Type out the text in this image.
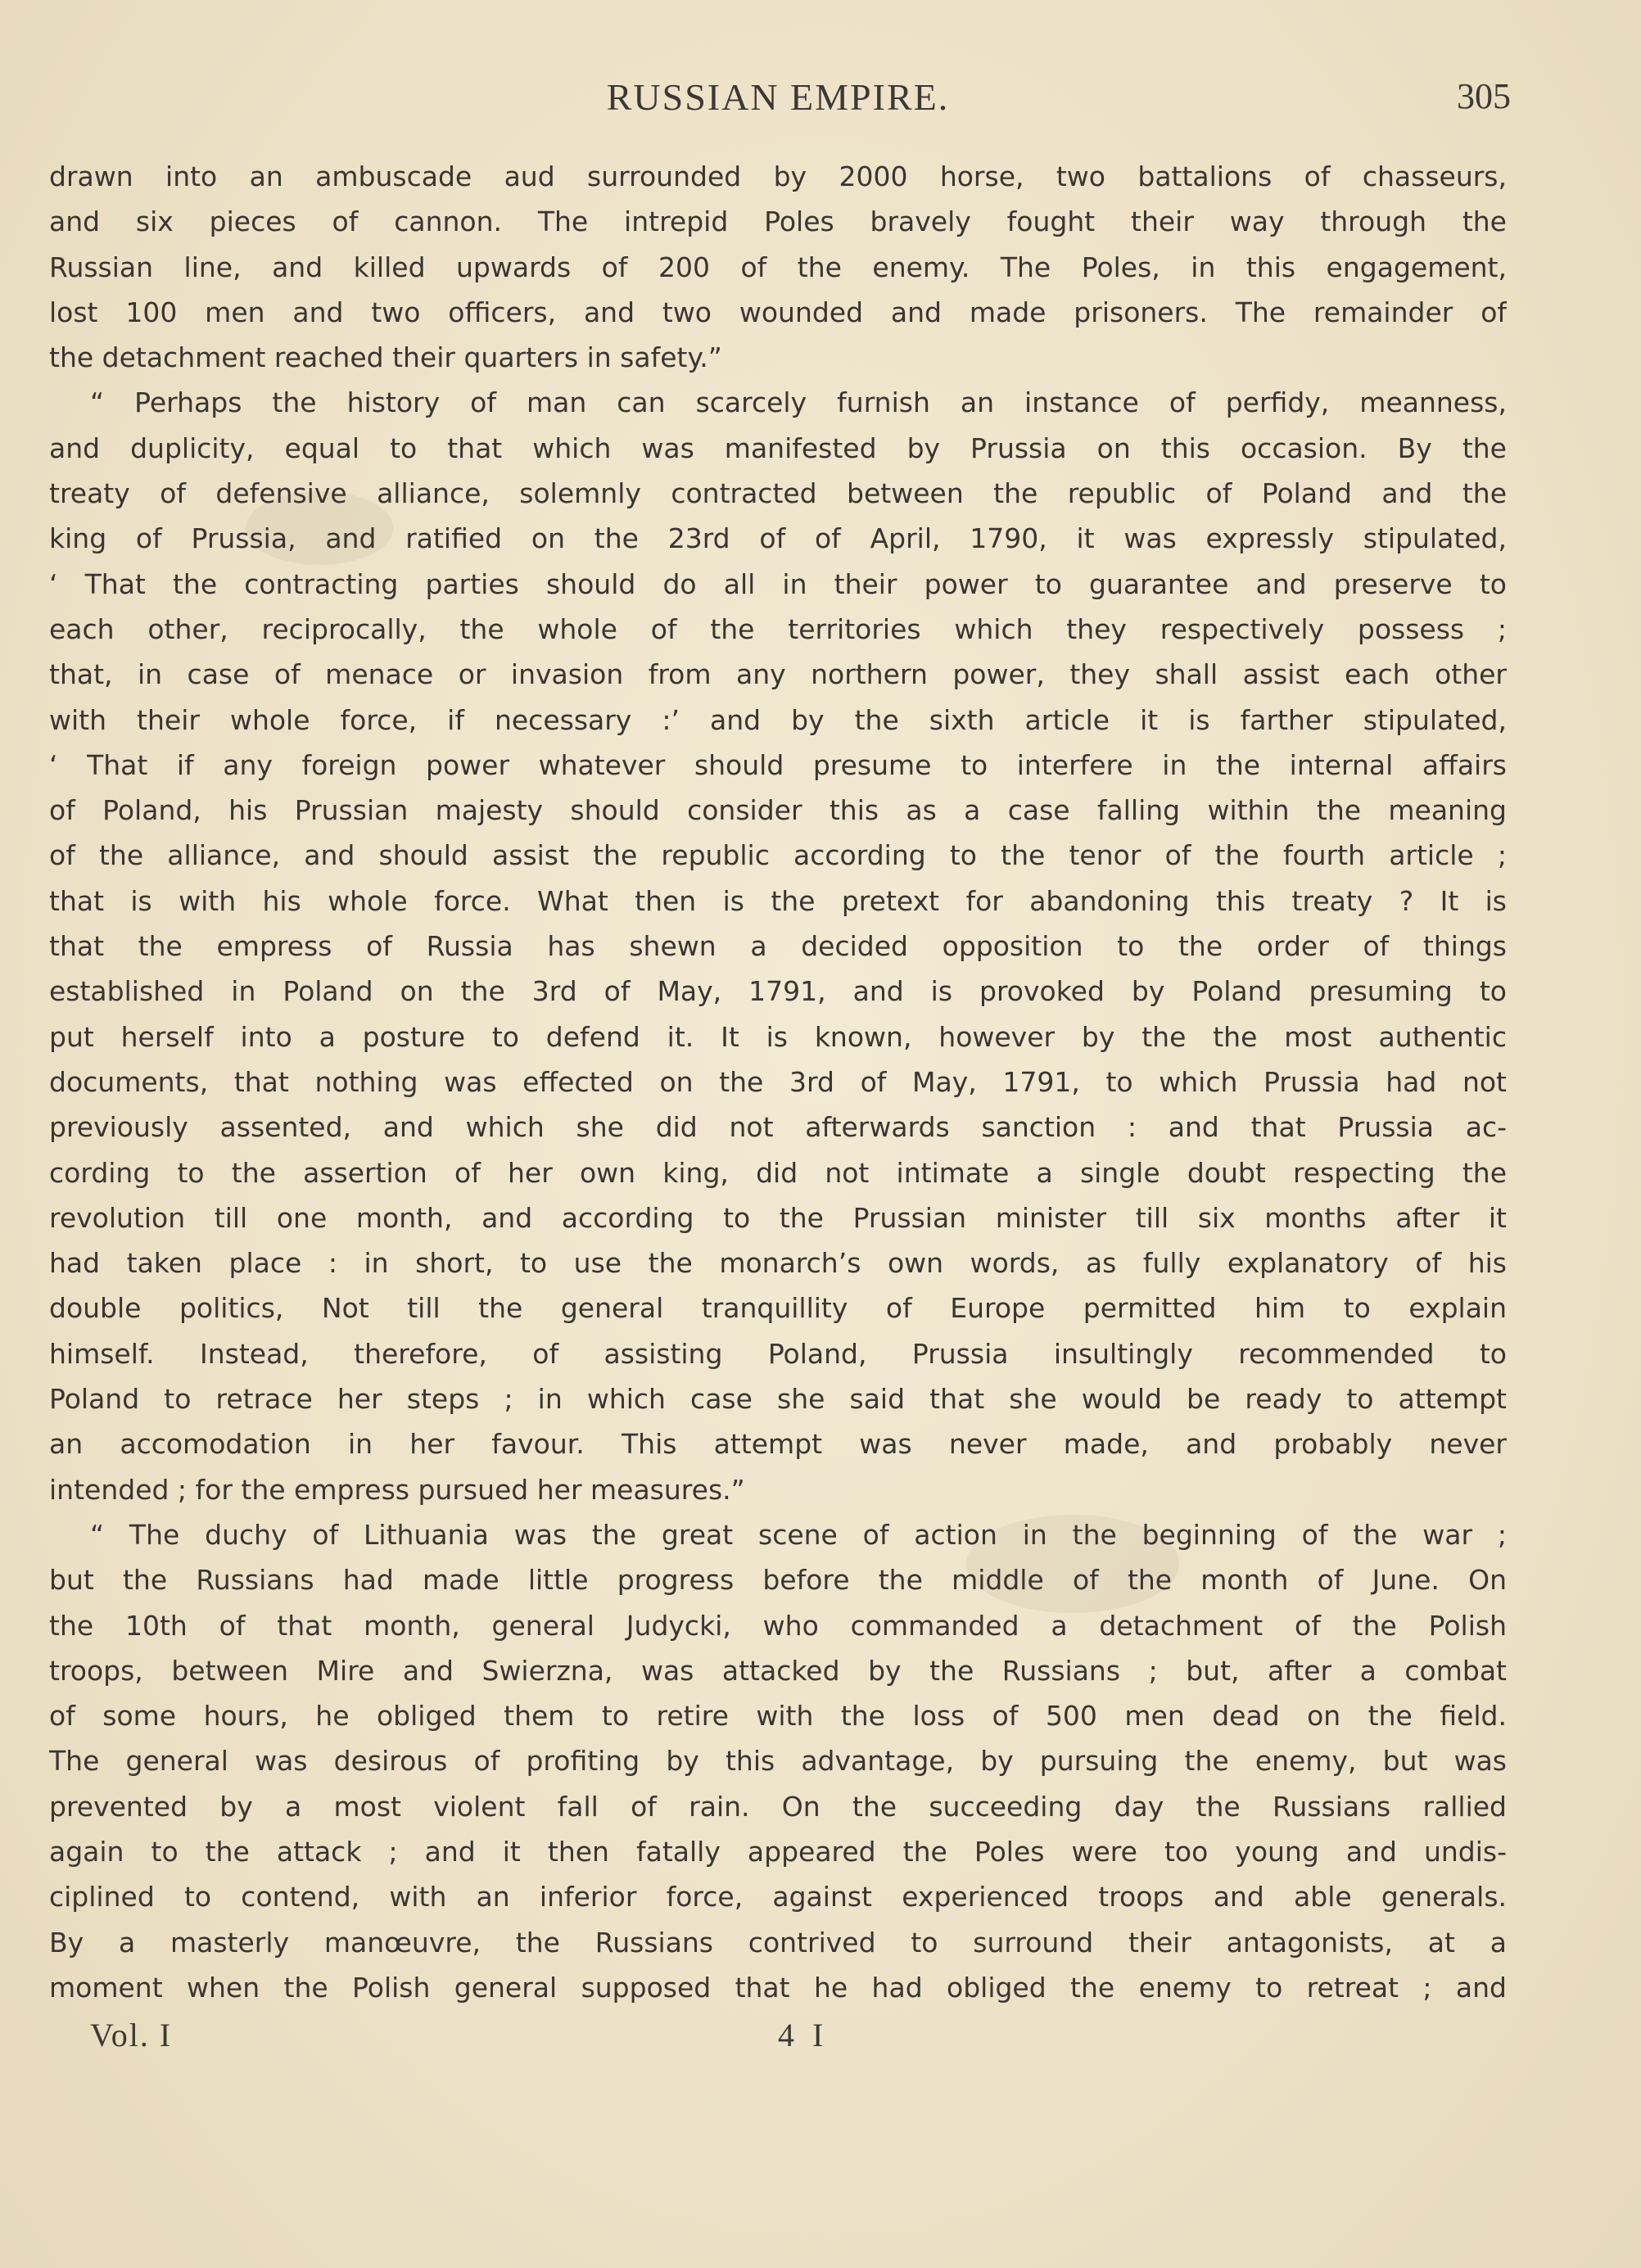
RUSSIAN EMPIRE.	305
drawn into an ambuscade aud surrounded by 2000 horse, two battalions of chasseurs,
and six pieces of cannon. The intrepid Poles bravely fought their way through the
Russian line, and killed upwards of 200 of the enemy. The Poles, in this engagement,
lost 100 men and two officers, and two wounded and made prisoners. The remainder of
the detachment reached their quarters in safety.”
“ Perhaps the history of man can scarcely furnish an instance of perfidy, meanness,
and duplicity, equal to that which was manifested by Prussia on this occasion. By the
treaty of defensive alliance, solemnly contracted between the republic of Poland and the
king of Prussia, and ratified on the 23rd of of April, 1790, it was expressly stipulated,
‘ That the contracting parties should do all in their power to guarantee and preserve to
each other, reciprocally, the whole of the territories which they respectively possess ;
that, in case of menace or invasion from any northern power, they shall assist each other
with their whole force, if necessary :’ and by the sixth article it is farther stipulated,
‘ That if any foreign power whatever should presume to interfere in the internal affairs
of Poland, his Prussian majesty should consider this as a case falling within the meaning
of the alliance, and should assist the republic according to the tenor of the fourth article ;
that is with his whole force. What then is the pretext for abandoning this treaty ? It is
that the empress of Russia has shewn a decided opposition to the order of things
established in Poland on the 3rd of May, 1791, and is provoked by Poland presuming to
put herself into a posture to defend it. It is known, however by the the most authentic
documents, that nothing was effected on the 3rd of May, 1791, to which Prussia had not
previously assented, and which she did not afterwards sanction : and that Prussia ac-
cording to the assertion of her own king, did not intimate a single doubt respecting the
revolution till one month, and according to the Prussian minister till six months after it
had taken place : in short, to use the monarch’s own words, as fully explanatory of his
double politics, Not till the general tranquillity of Europe permitted him to explain
himself. Instead, therefore, of assisting Poland, Prussia insultingly recommended to
Poland to retrace her steps ; in which case she said that she would be ready to attempt
an accomodation in her favour. This attempt was never made, and probably never
intended ; for the empress pursued her measures.”
“ The duchy of Lithuania was the great scene of action in the beginning of the war ;
but the Russians had made little progress before the middle of the month of June. On
the 10th of that month, general Judycki, who commanded a detachment of the Polish
troops, between Mire and Swierzna, was attacked by the Russians ; but, after a combat
of some hours, he obliged them to retire with the loss of 500 men dead on the field.
The general was desirous of profiting by this advantage, by pursuing the enemy, but was
prevented by a most violent fall of rain. On the succeeding day the Russians rallied
again to the attack ; and it then fatally appeared the Poles were too young and undis-
ciplined to contend, with an inferior force, against experienced troops and able generals.
By a masterly manœuvre, the Russians contrived to surround their antagonists, at a
moment when the Polish general supposed that he had obliged the enemy to retreat ; and
Vol. I	4 I
